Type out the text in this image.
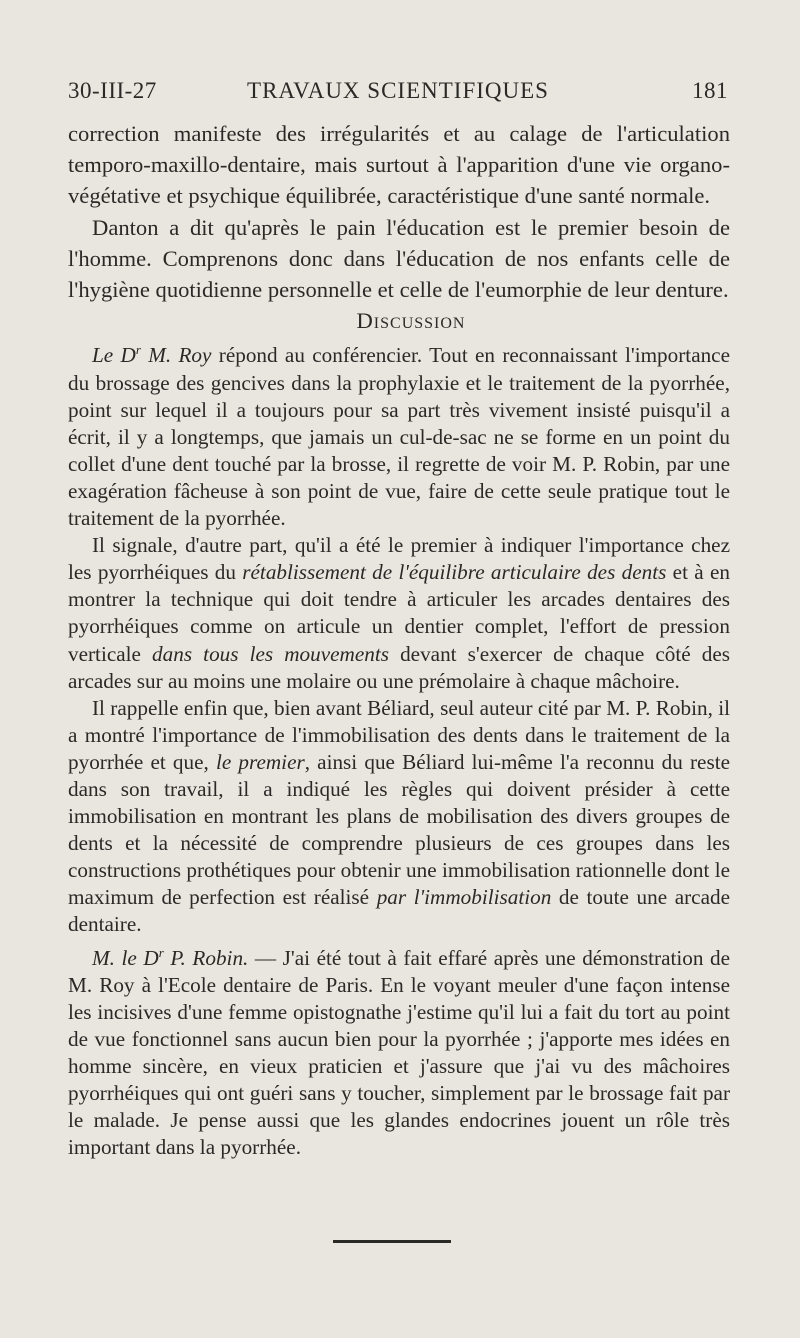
30-III-27	TRAVAUX SCIENTIFIQUES	181

correction manifeste des irrégularités et au calage de l'articulation temporo-maxillo-dentaire, mais surtout à l'apparition d'une vie organo-végétative et psychique équilibrée, caractéristique d'une santé normale.

Danton a dit qu'après le pain l'éducation est le premier besoin de l'homme. Comprenons donc dans l'éducation de nos enfants celle de l'hygiène quotidienne personnelle et celle de l'eumorphie de leur denture.

Discussion

Le $D^r$ M. Roy répond au conférencier. Tout en reconnaissant l'importance du brossage des gencives dans la prophylaxie et le traitement de la pyorrhée, point sur lequel il a toujours pour sa part très vivement insisté puisqu'il a écrit, il y a longtemps, que jamais un cul-de-sac ne se forme en un point du collet d'une dent touché par la brosse, il regrette de voir M. P. Robin, par une exagération fâcheuse à son point de vue, faire de cette seule pratique tout le traitement de la pyorrhée.

Il signale, d'autre part, qu'il a été le premier à indiquer l'importance chez les pyorrhéiques du rétablissement de l'équilibre articulaire des dents et à en montrer la technique qui doit tendre à articuler les arcades dentaires des pyorrhéiques comme on articule un dentier complet, l'effort de pression verticale dans tous les mouvements devant s'exercer de chaque côté des arcades sur au moins une molaire ou une prémolaire à chaque mâchoire.

Il rappelle enfin que, bien avant Béliard, seul auteur cité par M. P. Robin, il a montré l'importance de l'immobilisation des dents dans le traitement de la pyorrhée et que, le premier, ainsi que Béliard lui-même l'a reconnu du reste dans son travail, il a indiqué les règles qui doivent présider à cette immobilisation en montrant les plans de mobilisation des divers groupes de dents et la nécessité de comprendre plusieurs de ces groupes dans les constructions prothétiques pour obtenir une immobilisation rationnelle dont le maximum de perfection est réalisé par l'immobilisation de toute une arcade dentaire.

M. le $D^r$ P. Robin. — J'ai été tout à fait effaré après une démonstration de M. Roy à l'Ecole dentaire de Paris. En le voyant meuler d'une façon intense les incisives d'une femme opistognathe j'estime qu'il lui a fait du tort au point de vue fonctionnel sans aucun bien pour la pyorrhée ; j'apporte mes idées en homme sincère, en vieux praticien et j'assure que j'ai vu des mâchoires pyorrhéiques qui ont guéri sans y toucher, simplement par le brossage fait par le malade. Je pense aussi que les glandes endocrines jouent un rôle très important dans la pyorrhée.
